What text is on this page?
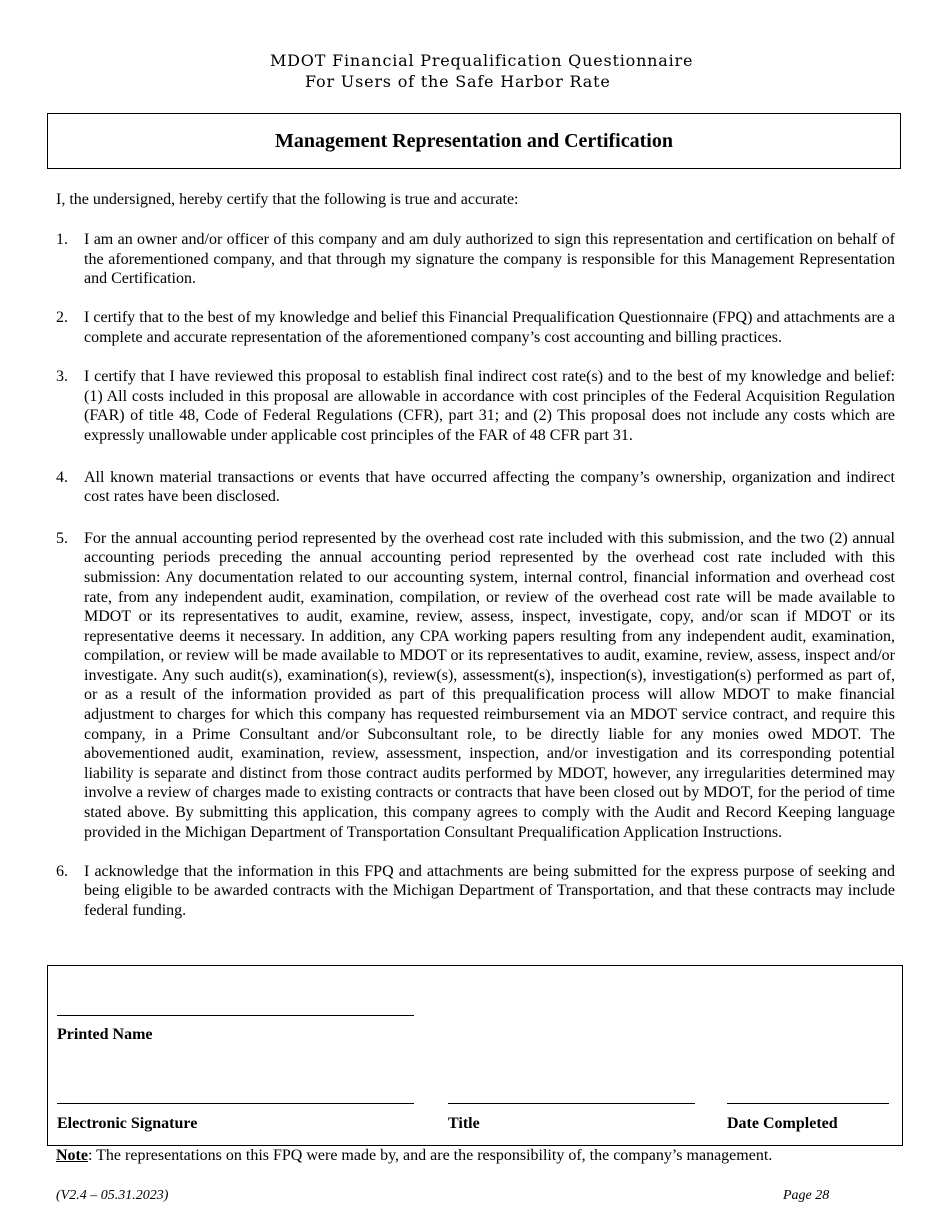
MDOT Financial Prequalification Questionnaire
For Users of the Safe Harbor Rate
Management Representation and Certification
I, the undersigned, hereby certify that the following is true and accurate:
1.	I am an owner and/or officer of this company and am duly authorized to sign this representation and certification on behalf of the aforementioned company, and that through my signature the company is responsible for this Management Representation and Certification.
2.	I certify that to the best of my knowledge and belief this Financial Prequalification Questionnaire (FPQ) and attachments are a complete and accurate representation of the aforementioned company’s cost accounting and billing practices.
3.	I certify that I have reviewed this proposal to establish final indirect cost rate(s) and to the best of my knowledge and belief: (1) All costs included in this proposal are allowable in accordance with cost principles of the Federal Acquisition Regulation (FAR) of title 48, Code of Federal Regulations (CFR), part 31; and (2) This proposal does not include any costs which are expressly unallowable under applicable cost principles of the FAR of 48 CFR part 31.
4.	All known material transactions or events that have occurred affecting the company’s ownership, organization and indirect cost rates have been disclosed.
5.	For the annual accounting period represented by the overhead cost rate included with this submission, and the two (2) annual accounting periods preceding the annual accounting period represented by the overhead cost rate included with this submission: Any documentation related to our accounting system, internal control, financial information and overhead cost rate, from any independent audit, examination, compilation, or review of the overhead cost rate will be made available to MDOT or its representatives to audit, examine, review, assess, inspect, investigate, copy, and/or scan if MDOT or its representative deems it necessary. In addition, any CPA working papers resulting from any independent audit, examination, compilation, or review will be made available to MDOT or its representatives to audit, examine, review, assess, inspect and/or investigate. Any such audit(s), examination(s), review(s), assessment(s), inspection(s), investigation(s) performed as part of, or as a result of the information provided as part of this prequalification process will allow MDOT to make financial adjustment to charges for which this company has requested reimbursement via an MDOT service contract, and require this company, in a Prime Consultant and/or Subconsultant role, to be directly liable for any monies owed MDOT. The abovementioned audit, examination, review, assessment, inspection, and/or investigation and its corresponding potential liability is separate and distinct from those contract audits performed by MDOT, however, any irregularities determined may involve a review of charges made to existing contracts or contracts that have been closed out by MDOT, for the period of time stated above. By submitting this application, this company agrees to comply with the Audit and Record Keeping language provided in the Michigan Department of Transportation Consultant Prequalification Application Instructions.
6.	I acknowledge that the information in this FPQ and attachments are being submitted for the express purpose of seeking and being eligible to be awarded contracts with the Michigan Department of Transportation, and that these contracts may include federal funding.
Printed Name
Electronic Signature	Title	Date Completed
Note: The representations on this FPQ were made by, and are the responsibility of, the company’s management.
(V2.4 – 05.31.2023)	Page 28
